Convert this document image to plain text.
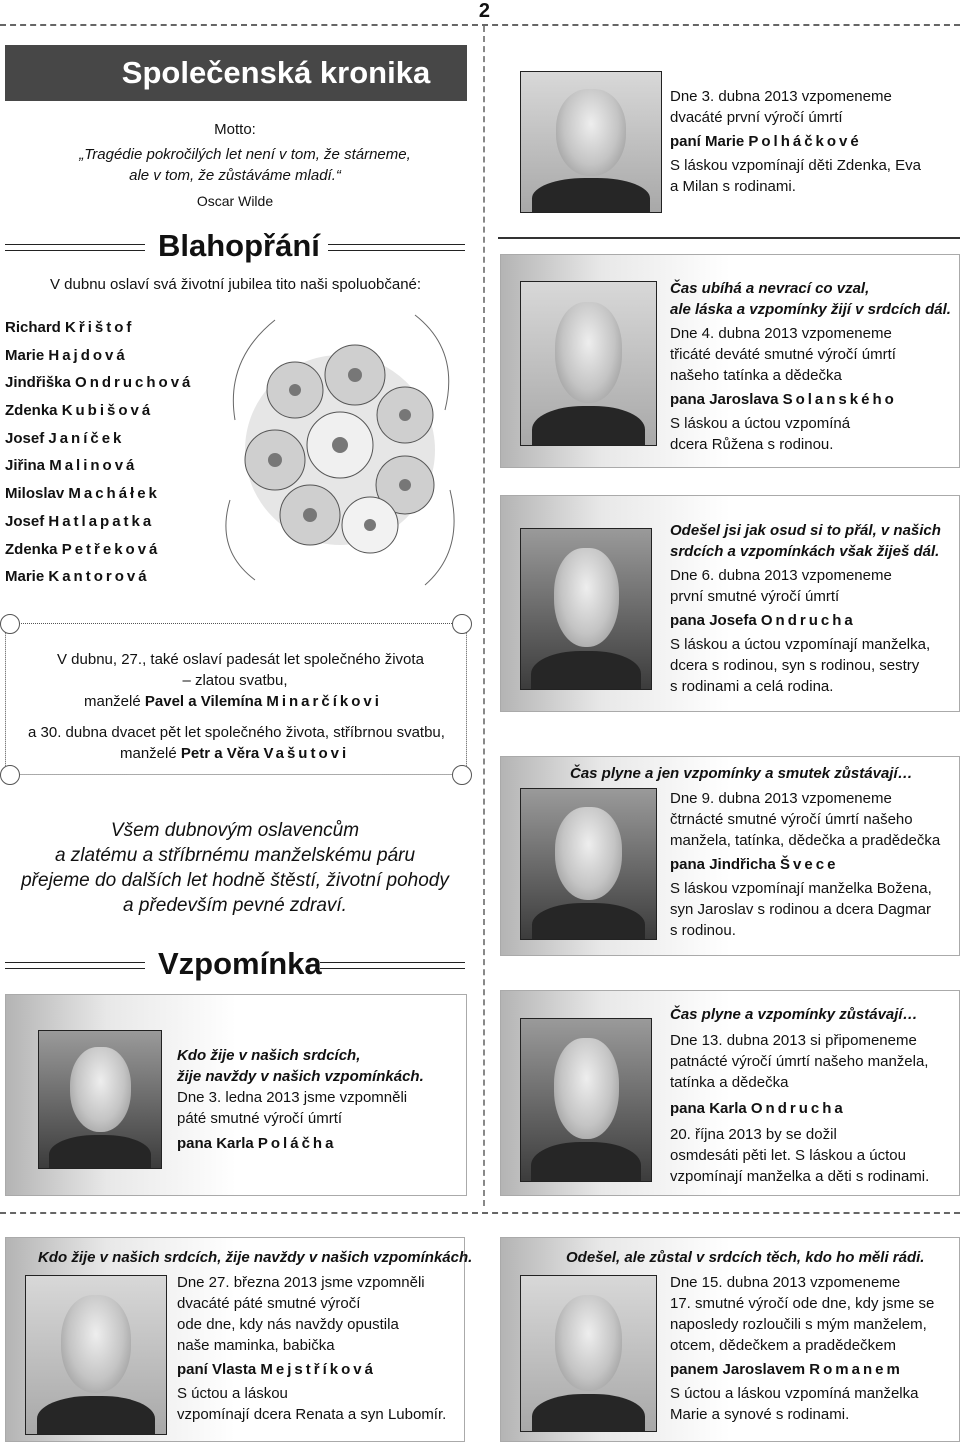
2
Společenská kronika
Motto:
„Tragédie pokročilých let není v tom, že stárneme,
ale v tom, že zůstáváme mladí.“
Oscar Wilde
Blahopřání
V dubnu oslaví svá životní jubilea tito naši spoluobčané:
Richard Křištof
Marie Hajdová
Jindřiška Ondruchová
Zdenka Kubišová
Josef Janíček
Jiřina Malinová
Miloslav Macháłek
Josef Hatlapatka
Zdenka Petřeková
Marie Kantorová
V dubnu, 27., také oslaví padesát let společného života
– zlatou svatbu,
manželé Pavel a Vilemína Minarčíkovi
a 30. dubna dvacet pět let společného života, stříbrnou svatbu,
manželé Petr a Věra Vašutovi
Všem dubnovým oslavencům
a zlatému a stříbrnému manželskému páru
přejeme do dalších let hodně štěstí, životní pohody
a především pevné zdraví.
Vzpomínka
Kdo žije v našich srdcích,
žije navždy v našich vzpomínkách.
Dne 3. ledna 2013 jsme vzpomněli
páté smutné výročí úmrtí
pana Karla Poláčha
Dne 3. dubna 2013 vzpomeneme
dvacáté první výročí úmrtí
paní Marie Polháčkové
S láskou vzpomínají děti Zdenka, Eva
a Milan s rodinami.
Čas ubíhá a nevrací co vzal,
ale láska a vzpomínky žijí v srdcích dál.
Dne 4. dubna 2013 vzpomeneme
třicáté deváté smutné výročí úmrtí
našeho tatínka a dědečka
pana Jaroslava Solanského
S láskou a úctou vzpomíná
dcera Růžena s rodinou.
Odešel jsi jak osud si to přál, v našich
srdcích a vzpomínkách však žiješ dál.
Dne 6. dubna 2013 vzpomeneme
první smutné výročí úmrtí
pana Josefa Ondrucha
S láskou a úctou vzpomínají manželka,
dcera s rodinou, syn s rodinou, sestry
s rodinami a celá rodina.
Čas plyne a jen vzpomínky a smutek zůstávají…
Dne 9. dubna 2013 vzpomeneme
čtrnácté smutné výročí úmrtí našeho
manžela, tatínka, dědečka a pradědečka
pana Jindřicha Švece
S láskou vzpomínají manželka Božena,
syn Jaroslav s rodinou a dcera Dagmar
s rodinou.
Čas plyne a vzpomínky zůstávají…
Dne 13. dubna 2013 si připomeneme
patnácté výročí úmrtí našeho manžela,
tatínka a dědečka
pana Karla Ondrucha
20. října 2013 by se dožil
osmdesáti pěti let. S láskou a úctou
vzpomínají manželka a děti s rodinami.
Kdo žije v našich srdcích, žije navždy v našich vzpomínkách.
Dne 27. března 2013 jsme vzpomněli
dvacáté páté smutné výročí
ode dne, kdy nás navždy opustila
naše maminka, babička
paní Vlasta Mejstříková
S úctou a láskou
vzpomínají dcera Renata a syn Lubomír.
Odešel, ale zůstal v srdcích těch, kdo ho měli rádi.
Dne 15. dubna 2013 vzpomeneme
17. smutné výročí ode dne, kdy jsme se
naposledy rozloučili s mým manželem,
otcem, dědečkem a pradědečkem
panem Jaroslavem Romanem
S úctou a láskou vzpomíná manželka
Marie a synové s rodinami.
